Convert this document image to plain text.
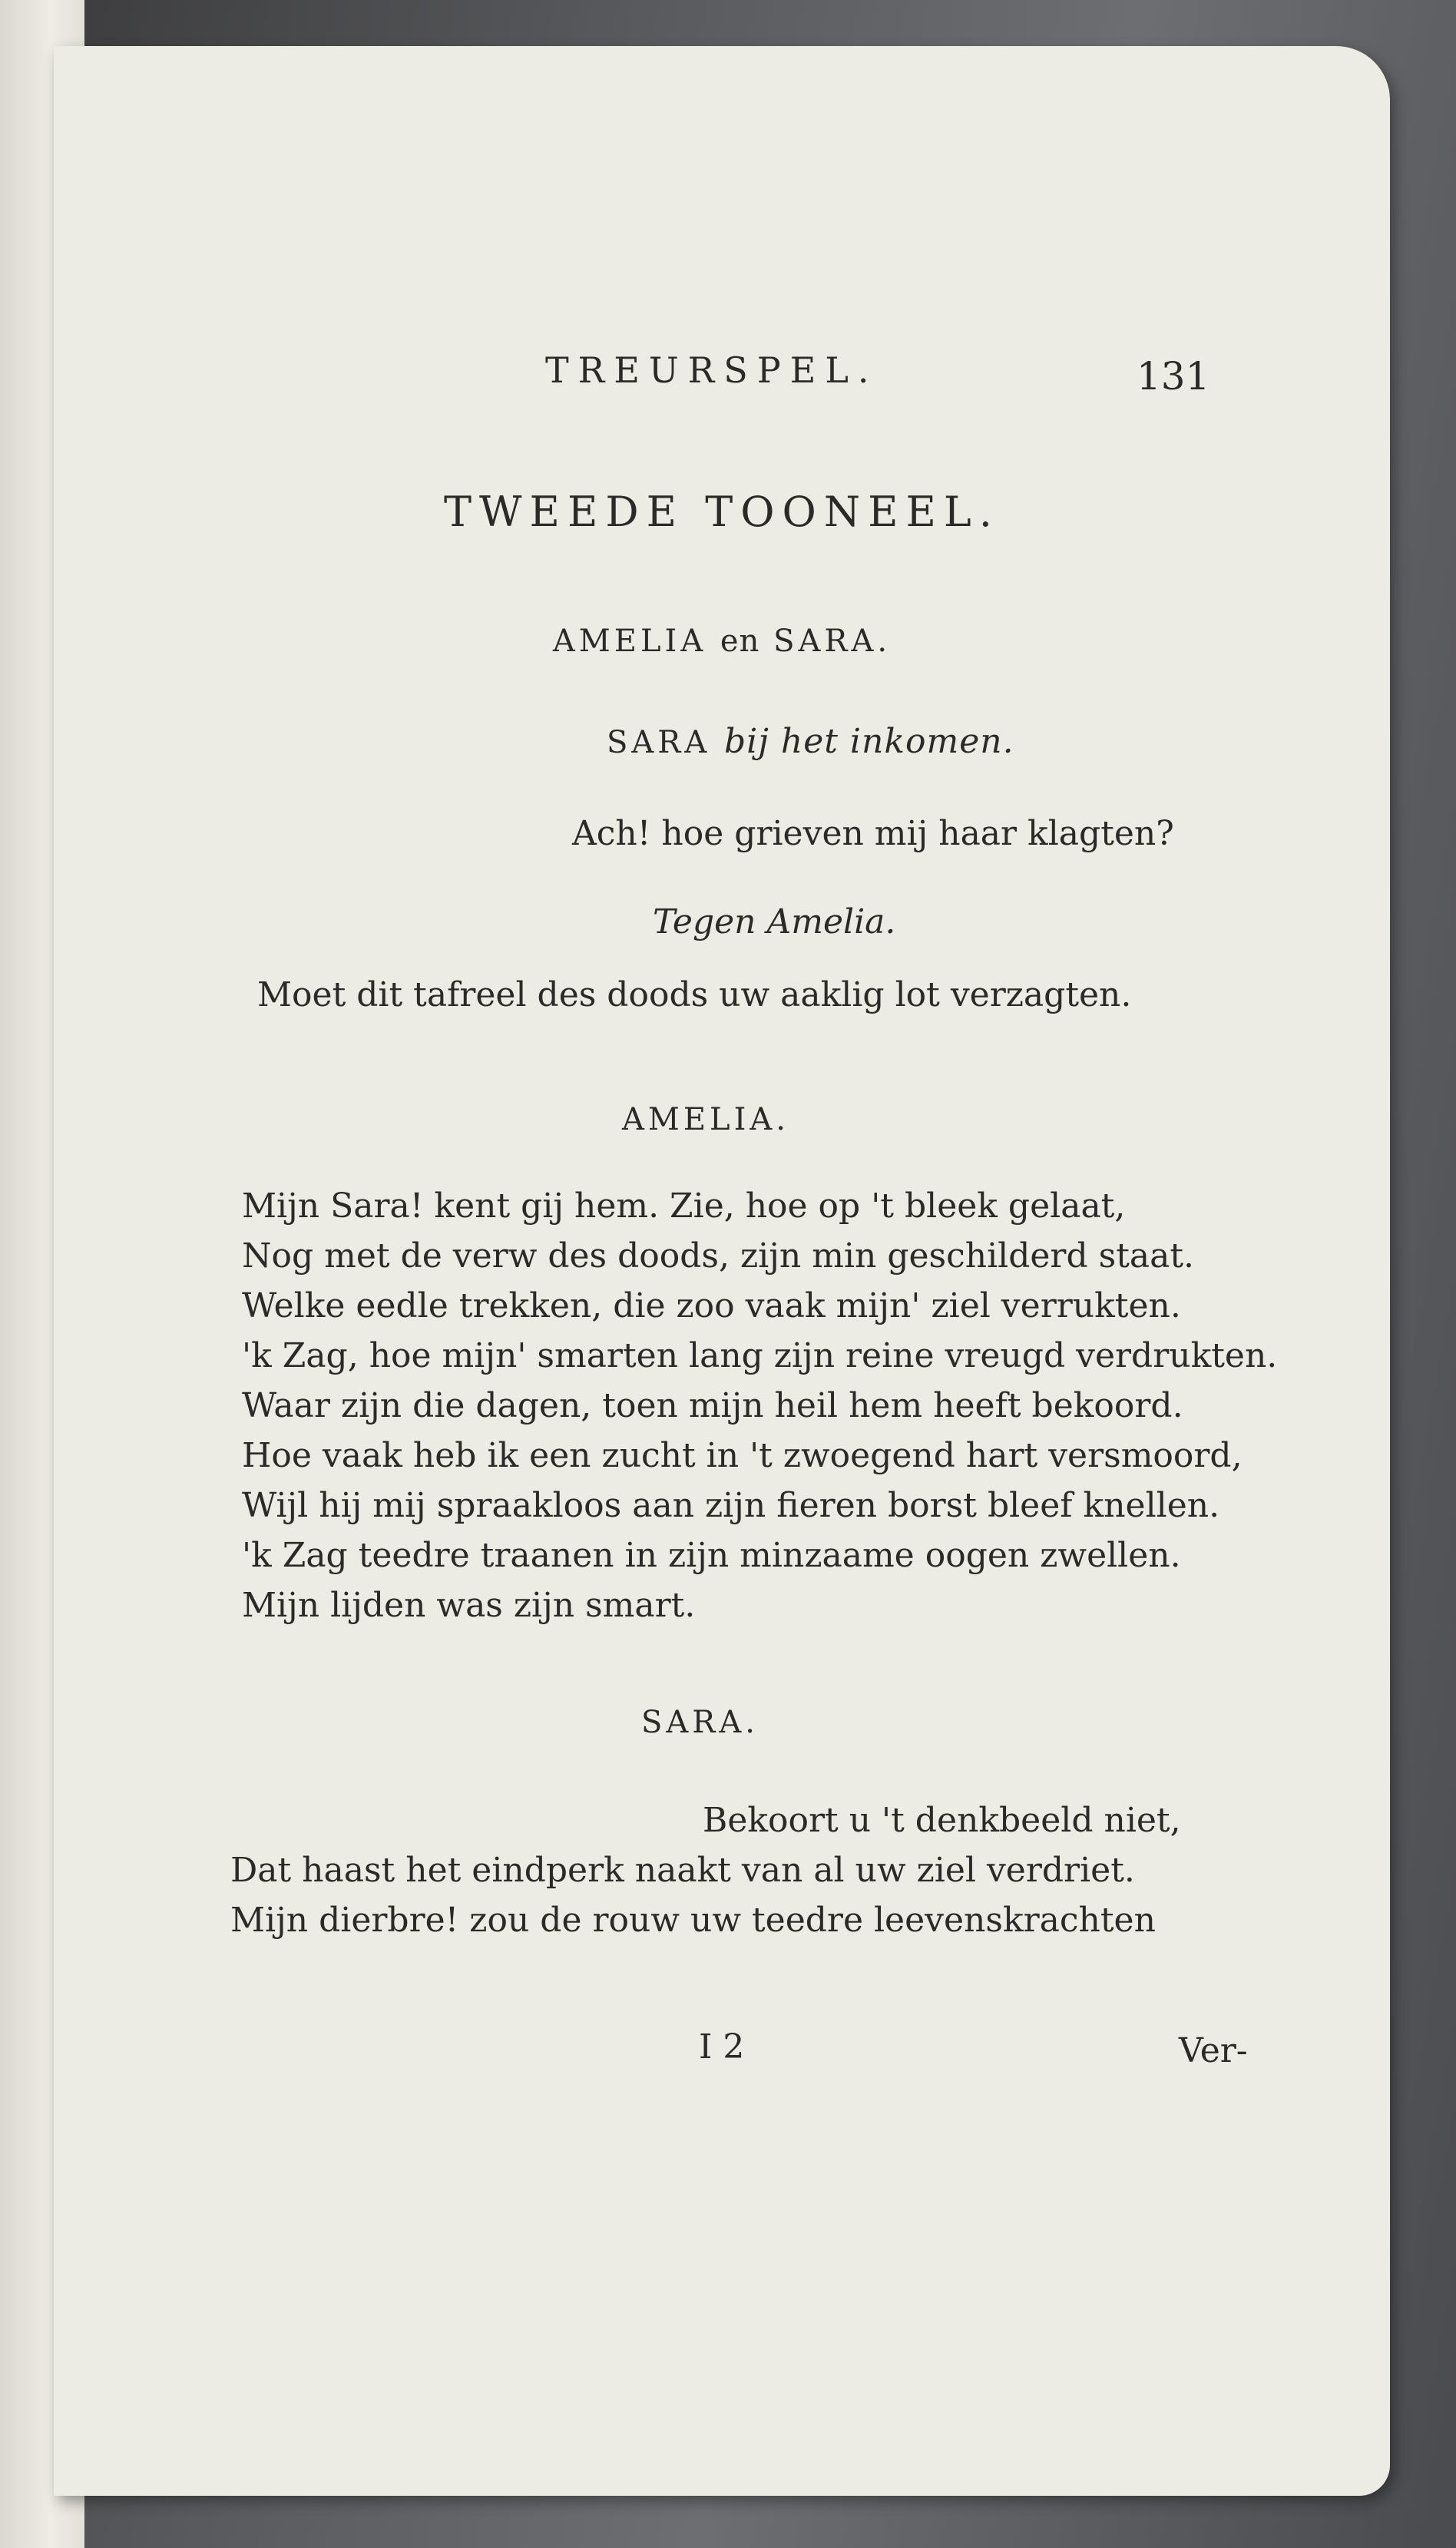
TREURSPEL.	131
TWEEDE TOONEEL.
AMELIA en SARA.
SARA bij het inkomen.
Ach! hoe grieven mij haar klagten?
Tegen Amelia.
Moet dit tafreel des doods uw aaklig lot verzagten.
AMELIA.
Mijn Sara! kent gij hem. Zie, hoe op 't bleek gelaat,
Nog met de verw des doods, zijn min geschilderd staat.
Welke eedle trekken, die zoo vaak mijn' ziel verrukten.
'k Zag, hoe mijn' smarten lang zijn reine vreugd verdrukten.
Waar zijn die dagen, toen mijn heil hem heeft bekoord.
Hoe vaak heb ik een zucht in 't zwoegend hart versmoord,
Wijl hij mij spraakloos aan zijn fieren borst bleef knellen.
'k Zag teedre traanen in zijn minzaame oogen zwellen.
Mijn lijden was zijn smart.
SARA.
Bekoort u 't denkbeeld niet,
Dat haast het eindperk naakt van al uw ziel verdriet.
Mijn dierbre! zou de rouw uw teedre leevenskrachten
I 2	Ver-
